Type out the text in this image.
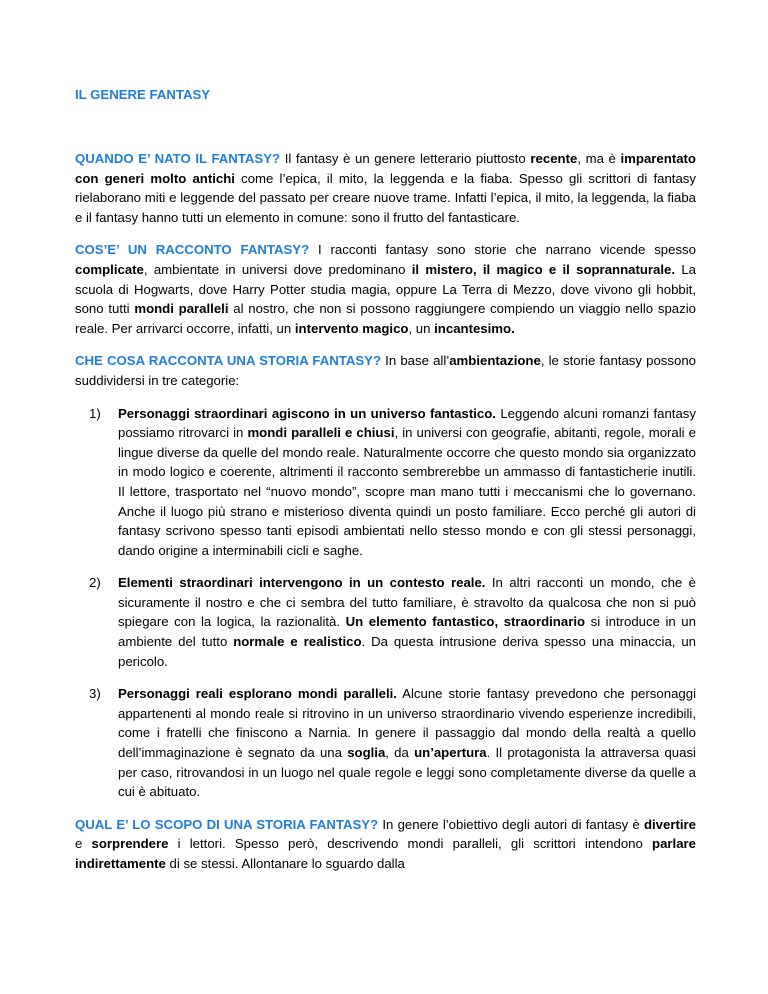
IL GENERE FANTASY

QUANDO E’ NATO IL FANTASY? Il fantasy è un genere letterario piuttosto recente, ma è imparentato con generi molto antichi come l’epica, il mito, la leggenda e la fiaba. Spesso gli scrittori di fantasy rielaborano miti e leggende del passato per creare nuove trame. Infatti l’epica, il mito, la leggenda, la fiaba e il fantasy hanno tutti un elemento in comune: sono il frutto del fantasticare.

COS’E’ UN RACCONTO FANTASY? I racconti fantasy sono storie che narrano vicende spesso complicate, ambientate in universi dove predominano il mistero, il magico e il soprannaturale. La scuola di Hogwarts, dove Harry Potter studia magia, oppure La Terra di Mezzo, dove vivono gli hobbit, sono tutti mondi paralleli al nostro, che non si possono raggiungere compiendo un viaggio nello spazio reale. Per arrivarci occorre, infatti, un intervento magico, un incantesimo.

CHE COSA RACCONTA UNA STORIA FANTASY? In base all’ambientazione, le storie fantasy possono suddividersi in tre categorie:

1) Personaggi straordinari agiscono in un universo fantastico. Leggendo alcuni romanzi fantasy possiamo ritrovarci in mondi paralleli e chiusi, in universi con geografie, abitanti, regole, morali e lingue diverse da quelle del mondo reale. Naturalmente occorre che questo mondo sia organizzato in modo logico e coerente, altrimenti il racconto sembrerebbe un ammasso di fantasticherie inutili. Il lettore, trasportato nel “nuovo mondo”, scopre man mano tutti i meccanismi che lo governano. Anche il luogo più strano e misterioso diventa quindi un posto familiare. Ecco perché gli autori di fantasy scrivono spesso tanti episodi ambientati nello stesso mondo e con gli stessi personaggi, dando origine a interminabili cicli e saghe.
2) Elementi straordinari intervengono in un contesto reale. In altri racconti un mondo, che è sicuramente il nostro e che ci sembra del tutto familiare, è stravolto da qualcosa che non si può spiegare con la logica, la razionalità. Un elemento fantastico, straordinario si introduce in un ambiente del tutto normale e realistico. Da questa intrusione deriva spesso una minaccia, un pericolo.
3) Personaggi reali esplorano mondi paralleli. Alcune storie fantasy prevedono che personaggi appartenenti al mondo reale si ritrovino in un universo straordinario vivendo esperienze incredibili, come i fratelli che finiscono a Narnia. In genere il passaggio dal mondo della realtà a quello dell’immaginazione è segnato da una soglia, da un’apertura. Il protagonista la attraversa quasi per caso, ritrovandosi in un luogo nel quale regole e leggi sono completamente diverse da quelle a cui è abituato.

QUAL E’ LO SCOPO DI UNA STORIA FANTASY? In genere l’obiettivo degli autori di fantasy è divertire e sorprendere i lettori. Spesso però, descrivendo mondi paralleli, gli scrittori intendono parlare indirettamente di se stessi. Allontanare lo sguardo dalla
